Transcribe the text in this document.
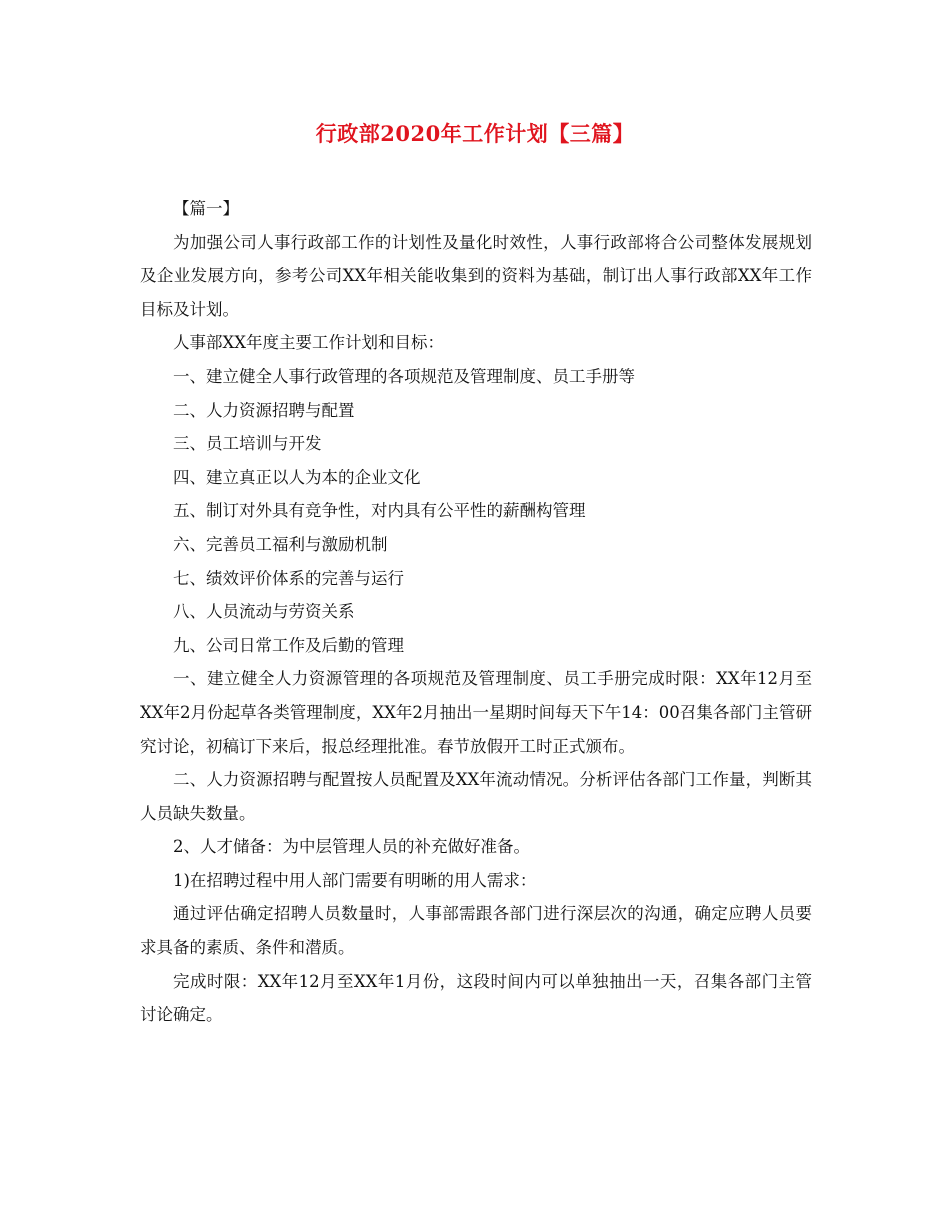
行政部2020年工作计划【三篇】

【篇一】

为加强公司人事行政部工作的计划性及量化时效性，人事行政部将合公司整体发展规划及企业发展方向，参考公司XX年相关能收集到的资料为基础，制订出人事行政部XX年工作目标及计划。

人事部XX年度主要工作计划和目标：

一、建立健全人事行政管理的各项规范及管理制度、员工手册等

二、人力资源招聘与配置

三、员工培训与开发

四、建立真正以人为本的企业文化

五、制订对外具有竞争性，对内具有公平性的薪酬构管理

六、完善员工福利与激励机制

七、绩效评价体系的完善与运行

八、人员流动与劳资关系

九、公司日常工作及后勤的管理

一、建立健全人力资源管理的各项规范及管理制度、员工手册完成时限：XX年12月至XX年2月份起草各类管理制度，XX年2月抽出一星期时间每天下午14：00召集各部门主管研究讨论，初稿订下来后，报总经理批准。春节放假开工时正式颁布。

二、人力资源招聘与配置按人员配置及XX年流动情况。分析评估各部门工作量，判断其人员缺失数量。

2、人才储备：为中层管理人员的补充做好准备。

1)在招聘过程中用人部门需要有明晰的用人需求：

通过评估确定招聘人员数量时，人事部需跟各部门进行深层次的沟通，确定应聘人员要求具备的素质、条件和潜质。

完成时限：XX年12月至XX年1月份，这段时间内可以单独抽出一天，召集各部门主管讨论确定。
